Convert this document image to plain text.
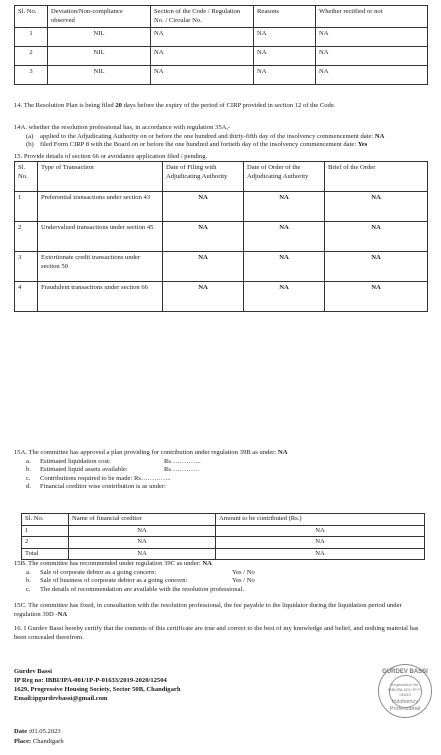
Sl. No.	Deviation/Non-compliance observed	Section of the Code / Regulation No. / Circular No.	Reasons	Whether rectified or not
1	NIL	NA	NA	NA
2	NIL	NA	NA	NA
3	NIL	NA	NA	NA
14. The Resolution Plan is being filed 20 days before the expiry of the period of CIRP provided in section 12 of the Code.
14A. whether the resolution professional has, in accordance with regulation 35A,-
(a) applied to the Adjudicating Authority on or before the one hundred and thirty-fifth day of the insolvency commencement date: NA
(b) filed Form CIRP 8 with the Board on or before the one hundred and fortieth day of the insolvency commencement date: Yes
15. Provide details of section 66 or avoidance application filed / pending.
Sl. No.	Type of Transaction	Date of Filing with Adjudicating Authority	Date of Order of the Adjudicating Authority	Brief of the Order
1	Preferential transactions under section 43	NA	NA	NA
2	Undervalued transactions under section 45	NA	NA	NA
3	Extortionate credit transactions under section 50	NA	NA	NA
4	Fraudulent transactions under section 66	NA	NA	NA
15A. The committee has approved a plan providing for contribution under regulation 39B as under: NA
a. Estimated liquidation cost:	Rs…………..
b. Estimated liquid assets available:	Rs………….
c. Contributions required to be made: Rs…………..
d. Financial creditor wise contribution is as under:
Sl. No.	Name of financial creditor	Amount to be contributed (Rs.)
1	NA	NA
2	NA	NA
Total	NA	NA
15B. The committee has recommended under regulation 39C as under: NA
a. Sale of corporate debtor as a going concern:	Yes / No
b. Sale of business of corporate debtor as a going concern:	Yes / No
c. The details of recommendation are available with the resolution professional.
15C. The committee has fixed, in consultation with the resolution professional, the fee payable to the liquidator during the liquidation period under regulation 39D -NA
16. I Gurdev Bassi hereby certify that the contents of this certificate are true and correct to the best of my knowledge and belief, and nothing material has been concealed therefrom.
Gurdev Bassi
IP Reg no: IBBI/IPA-001/1P-P-01633/2019-2020/12504
1629, Progressive Housing Society, Sector 50B, Chandigarh
Email:ipgurdevbassi@gmail.com
GURDEV BASSI
Registration No. IBBI/IPA-001/ IP-P-01633
Insolvency Professional
Date :01.05.2023
Place: Chandigarh
